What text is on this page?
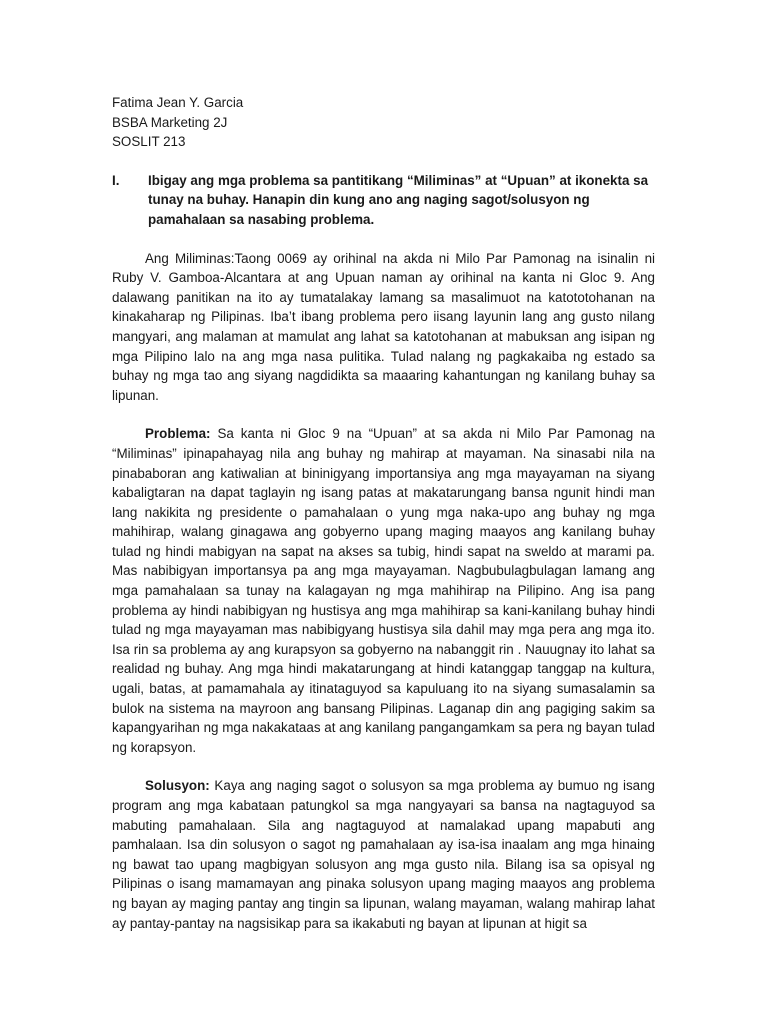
Fatima Jean Y. Garcia
BSBA Marketing 2J
SOSLIT 213
I.	Ibigay ang mga problema sa pantitikang “Miliminas” at “Upuan” at ikonekta sa tunay na buhay. Hanapin din kung ano ang naging sagot/solusyon ng pamahalaan sa nasabing problema.

Ang Miliminas:Taong 0069 ay orihinal na akda ni Milo Par Pamonag na isinalin ni Ruby V. Gamboa-Alcantara at ang Upuan naman ay orihinal na kanta ni Gloc 9. Ang dalawang panitikan na ito ay tumatalakay lamang sa masalimuot na katototohanan na kinakaharap ng Pilipinas. Iba’t ibang problema pero iisang layunin lang ang gusto nilang mangyari, ang malaman at mamulat ang lahat sa katotohanan at mabuksan ang isipan ng mga Pilipino lalo na ang mga nasa pulitika. Tulad nalang ng pagkakaiba ng estado sa buhay ng mga tao ang siyang nagdidikta sa maaaring kahantungan ng kanilang buhay sa lipunan.

Problema: Sa kanta ni Gloc 9 na “Upuan” at sa akda ni Milo Par Pamonag na “Miliminas” ipinapahayag nila ang buhay ng mahirap at mayaman. Na sinasabi nila na pinababoran ang katiwalian at bininigyang importansiya ang mga mayayaman na siyang kabaligtaran na dapat taglayin ng isang patas at makatarungang bansa ngunit hindi man lang nakikita ng presidente o pamahalaan o yung mga naka-upo ang buhay ng mga mahihirap, walang ginagawa ang gobyerno upang maging maayos ang kanilang buhay tulad ng hindi mabigyan na sapat na akses sa tubig, hindi sapat na sweldo at marami pa. Mas nabibigyan importansya pa ang mga mayayaman. Nagbubulagbulagan lamang ang mga pamahalaan sa tunay na kalagayan ng mga mahihirap na Pilipino. Ang isa pang problema ay hindi nabibigyan ng hustisya ang mga mahihirap sa kani-kanilang buhay hindi tulad ng mga mayayaman mas nabibigyang hustisya sila dahil may mga pera ang mga ito. Isa rin sa problema ay ang kurapsyon sa gobyerno na nabanggit rin . Nauugnay ito lahat sa realidad ng buhay. Ang mga hindi makatarungang at hindi katanggap tanggap na kultura, ugali, batas, at pamamahala ay itinataguyod sa kapuluang ito na siyang sumasalamin sa bulok na sistema na mayroon ang bansang Pilipinas. Laganap din ang pagiging sakim sa kapangyarihan ng mga nakakataas at ang kanilang pangangamkam sa pera ng bayan tulad ng korapsyon.

Solusyon: Kaya ang naging sagot o solusyon sa mga problema ay bumuo ng isang program ang mga kabataan patungkol sa mga nangyayari sa bansa na nagtaguyod sa mabuting pamahalaan. Sila ang nagtaguyod at namalakad upang mapabuti ang pamhalaan. Isa din solusyon o sagot ng pamahalaan ay isa-isa inaalam ang mga hinaing ng bawat tao upang magbigyan solusyon ang mga gusto nila. Bilang isa sa opisyal ng Pilipinas o isang mamamayan ang pinaka solusyon upang maging maayos ang problema ng bayan ay maging pantay ang tingin sa lipunan, walang mayaman, walang mahirap lahat ay pantay-pantay na nagsisikap para sa ikakabuti ng bayan at lipunan at higit sa
